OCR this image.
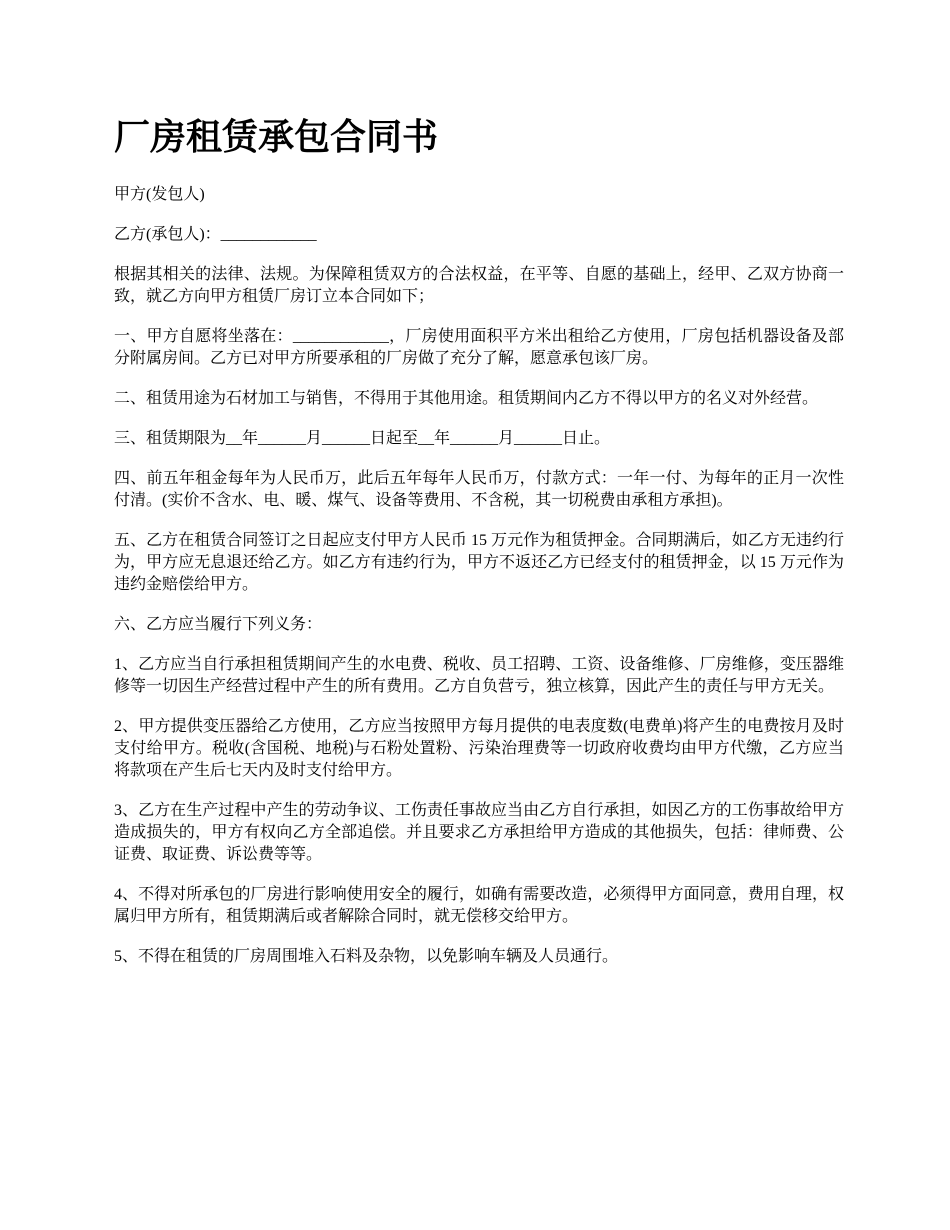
厂房租赁承包合同书

甲方(发包人)

乙方(承包人)：____________

根据其相关的法律、法规。为保障租赁双方的合法权益，在平等、自愿的基础上，经甲、乙双方协商一致，就乙方向甲方租赁厂房订立本合同如下；

一、甲方自愿将坐落在：____________，厂房使用面积平方米出租给乙方使用，厂房包括机器设备及部分附属房间。乙方已对甲方所要承租的厂房做了充分了解，愿意承包该厂房。

二、租赁用途为石材加工与销售，不得用于其他用途。租赁期间内乙方不得以甲方的名义对外经营。

三、租赁期限为__年______月______日起至__年______月______日止。

四、前五年租金每年为人民币万，此后五年每年人民币万，付款方式：一年一付、为每年的正月一次性付清。(实价不含水、电、暖、煤气、设备等费用、不含税，其一切税费由承租方承担)。

五、乙方在租赁合同签订之日起应支付甲方人民币 15 万元作为租赁押金。合同期满后，如乙方无违约行为，甲方应无息退还给乙方。如乙方有违约行为，甲方不返还乙方已经支付的租赁押金，以 15 万元作为违约金赔偿给甲方。

六、乙方应当履行下列义务：

1、乙方应当自行承担租赁期间产生的水电费、税收、员工招聘、工资、设备维修、厂房维修，变压器维修等一切因生产经营过程中产生的所有费用。乙方自负营亏，独立核算，因此产生的责任与甲方无关。

2、甲方提供变压器给乙方使用，乙方应当按照甲方每月提供的电表度数(电费单)将产生的电费按月及时支付给甲方。税收(含国税、地税)与石粉处置粉、污染治理费等一切政府收费均由甲方代缴，乙方应当将款项在产生后七天内及时支付给甲方。

3、乙方在生产过程中产生的劳动争议、工伤责任事故应当由乙方自行承担，如因乙方的工伤事故给甲方造成损失的，甲方有权向乙方全部追偿。并且要求乙方承担给甲方造成的其他损失，包括：律师费、公证费、取证费、诉讼费等等。

4、不得对所承包的厂房进行影响使用安全的履行，如确有需要改造，必须得甲方面同意，费用自理，权属归甲方所有，租赁期满后或者解除合同时，就无偿移交给甲方。

5、不得在租赁的厂房周围堆入石料及杂物，以免影响车辆及人员通行。
